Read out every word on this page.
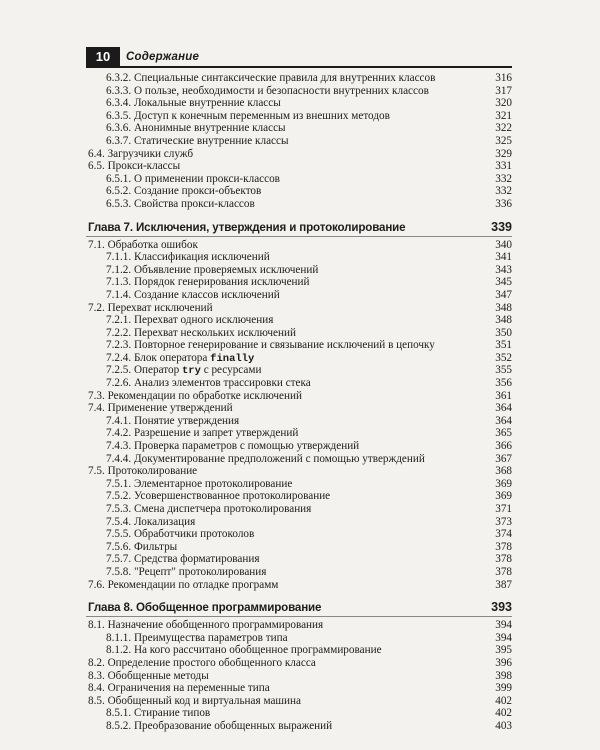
10	Содержание
6.3.2. Специальные синтаксические правила для внутренних классов	316
6.3.3. О пользе, необходимости и безопасности внутренних классов	317
6.3.4. Локальные внутренние классы	320
6.3.5. Доступ к конечным переменным из внешних методов	321
6.3.6. Анонимные внутренние классы	322
6.3.7. Статические внутренние классы	325
6.4. Загрузчики служб	329
6.5. Прокси-классы	331
6.5.1. О применении прокси-классов	332
6.5.2. Создание прокси-объектов	332
6.5.3. Свойства прокси-классов	336
Глава 7. Исключения, утверждения и протоколирование	339
7.1. Обработка ошибок	340
7.1.1. Классификация исключений	341
7.1.2. Объявление проверяемых исключений	343
7.1.3. Порядок генерирования исключений	345
7.1.4. Создание классов исключений	347
7.2. Перехват исключений	348
7.2.1. Перехват одного исключения	348
7.2.2. Перехват нескольких исключений	350
7.2.3. Повторное генерирование и связывание исключений в цепочку	351
7.2.4. Блок оператора finally	352
7.2.5. Оператор try с ресурсами	355
7.2.6. Анализ элементов трассировки стека	356
7.3. Рекомендации по обработке исключений	361
7.4. Применение утверждений	364
7.4.1. Понятие утверждения	364
7.4.2. Разрешение и запрет утверждений	365
7.4.3. Проверка параметров с помощью утверждений	366
7.4.4. Документирование предположений с помощью утверждений	367
7.5. Протоколирование	368
7.5.1. Элементарное протоколирование	369
7.5.2. Усовершенствованное протоколирование	369
7.5.3. Смена диспетчера протоколирования	371
7.5.4. Локализация	373
7.5.5. Обработчики протоколов	374
7.5.6. Фильтры	378
7.5.7. Средства форматирования	378
7.5.8. "Рецепт" протоколирования	378
7.6. Рекомендации по отладке программ	387
Глава 8. Обобщенное программирование	393
8.1. Назначение обобщенного программирования	394
8.1.1. Преимущества параметров типа	394
8.1.2. На кого рассчитано обобщенное программирование	395
8.2. Определение простого обобщенного класса	396
8.3. Обобщенные методы	398
8.4. Ограничения на переменные типа	399
8.5. Обобщенный код и виртуальная машина	402
8.5.1. Стирание типов	402
8.5.2. Преобразование обобщенных выражений	403
